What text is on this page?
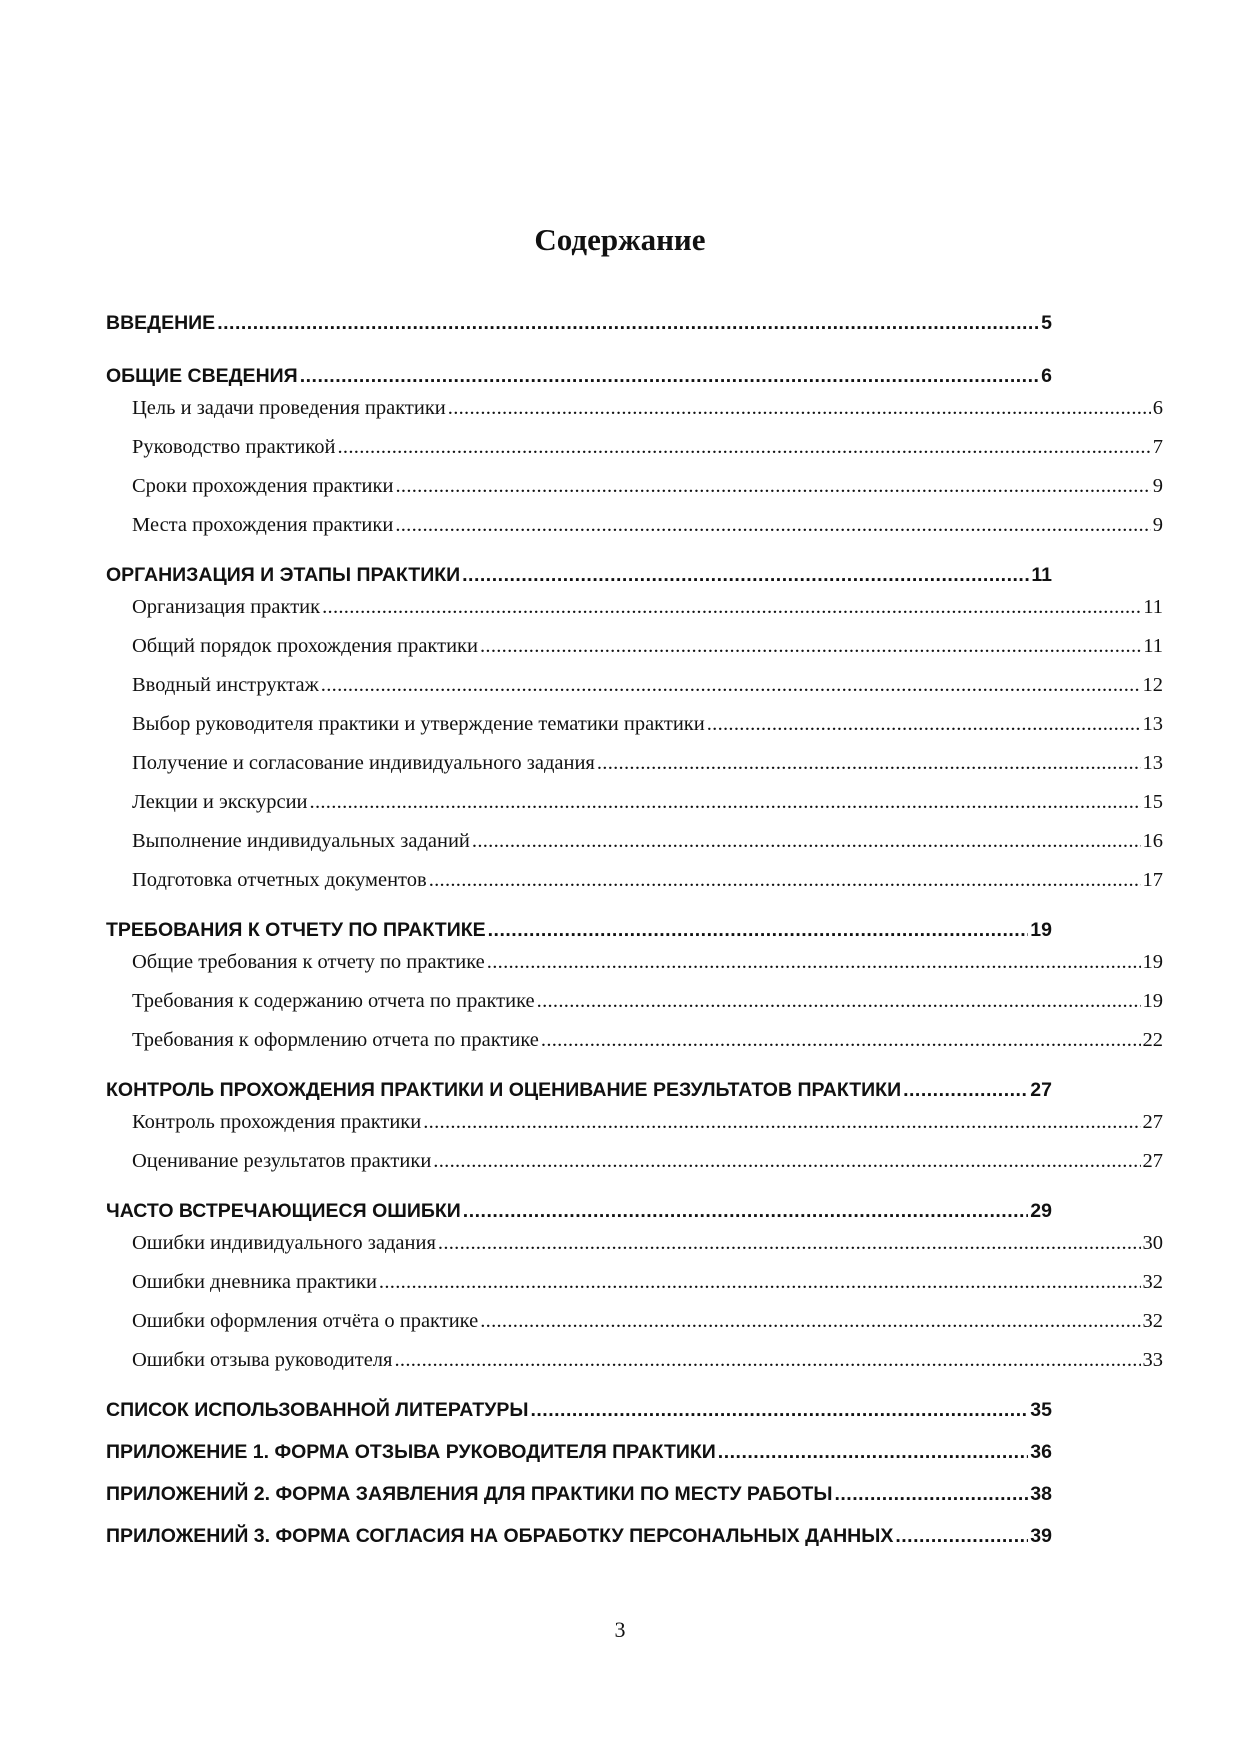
Содержание
ВВЕДЕНИЕ .....	5
ОБЩИЕ СВЕДЕНИЯ .....	6
Цель и задачи проведения практики .....	6
Руководство практикой .....	7
Сроки прохождения практики .....	9
Места прохождения практики .....	9
ОРГАНИЗАЦИЯ И ЭТАПЫ ПРАКТИКИ .....	11
Организация практик .....	11
Общий порядок прохождения практики .....	11
Вводный инструктаж .....	12
Выбор руководителя практики и утверждение тематики практики .....	13
Получение и согласование индивидуального задания .....	13
Лекции и экскурсии .....	15
Выполнение индивидуальных заданий .....	16
Подготовка отчетных документов .....	17
ТРЕБОВАНИЯ К ОТЧЕТУ ПО ПРАКТИКЕ .....	19
Общие требования к отчету по практике .....	19
Требования к содержанию отчета по практике .....	19
Требования к оформлению отчета по практике .....	22
КОНТРОЛЬ ПРОХОЖДЕНИЯ ПРАКТИКИ И ОЦЕНИВАНИЕ РЕЗУЛЬТАТОВ ПРАКТИКИ .....	27
Контроль прохождения практики .....	27
Оценивание результатов практики .....	27
ЧАСТО ВСТРЕЧАЮЩИЕСЯ ОШИБКИ .....	29
Ошибки индивидуального задания .....	30
Ошибки дневника практики .....	32
Ошибки оформления отчёта о практике .....	32
Ошибки отзыва руководителя .....	33
СПИСОК ИСПОЛЬЗОВАННОЙ ЛИТЕРАТУРЫ .....	35
ПРИЛОЖЕНИЕ 1. ФОРМА ОТЗЫВА РУКОВОДИТЕЛЯ ПРАКТИКИ .....	36
ПРИЛОЖЕНИЙ 2. ФОРМА ЗАЯВЛЕНИЯ ДЛЯ ПРАКТИКИ ПО МЕСТУ РАБОТЫ .....	38
ПРИЛОЖЕНИЙ 3. ФОРМА СОГЛАСИЯ НА ОБРАБОТКУ ПЕРСОНАЛЬНЫХ ДАННЫХ .....	39
3
